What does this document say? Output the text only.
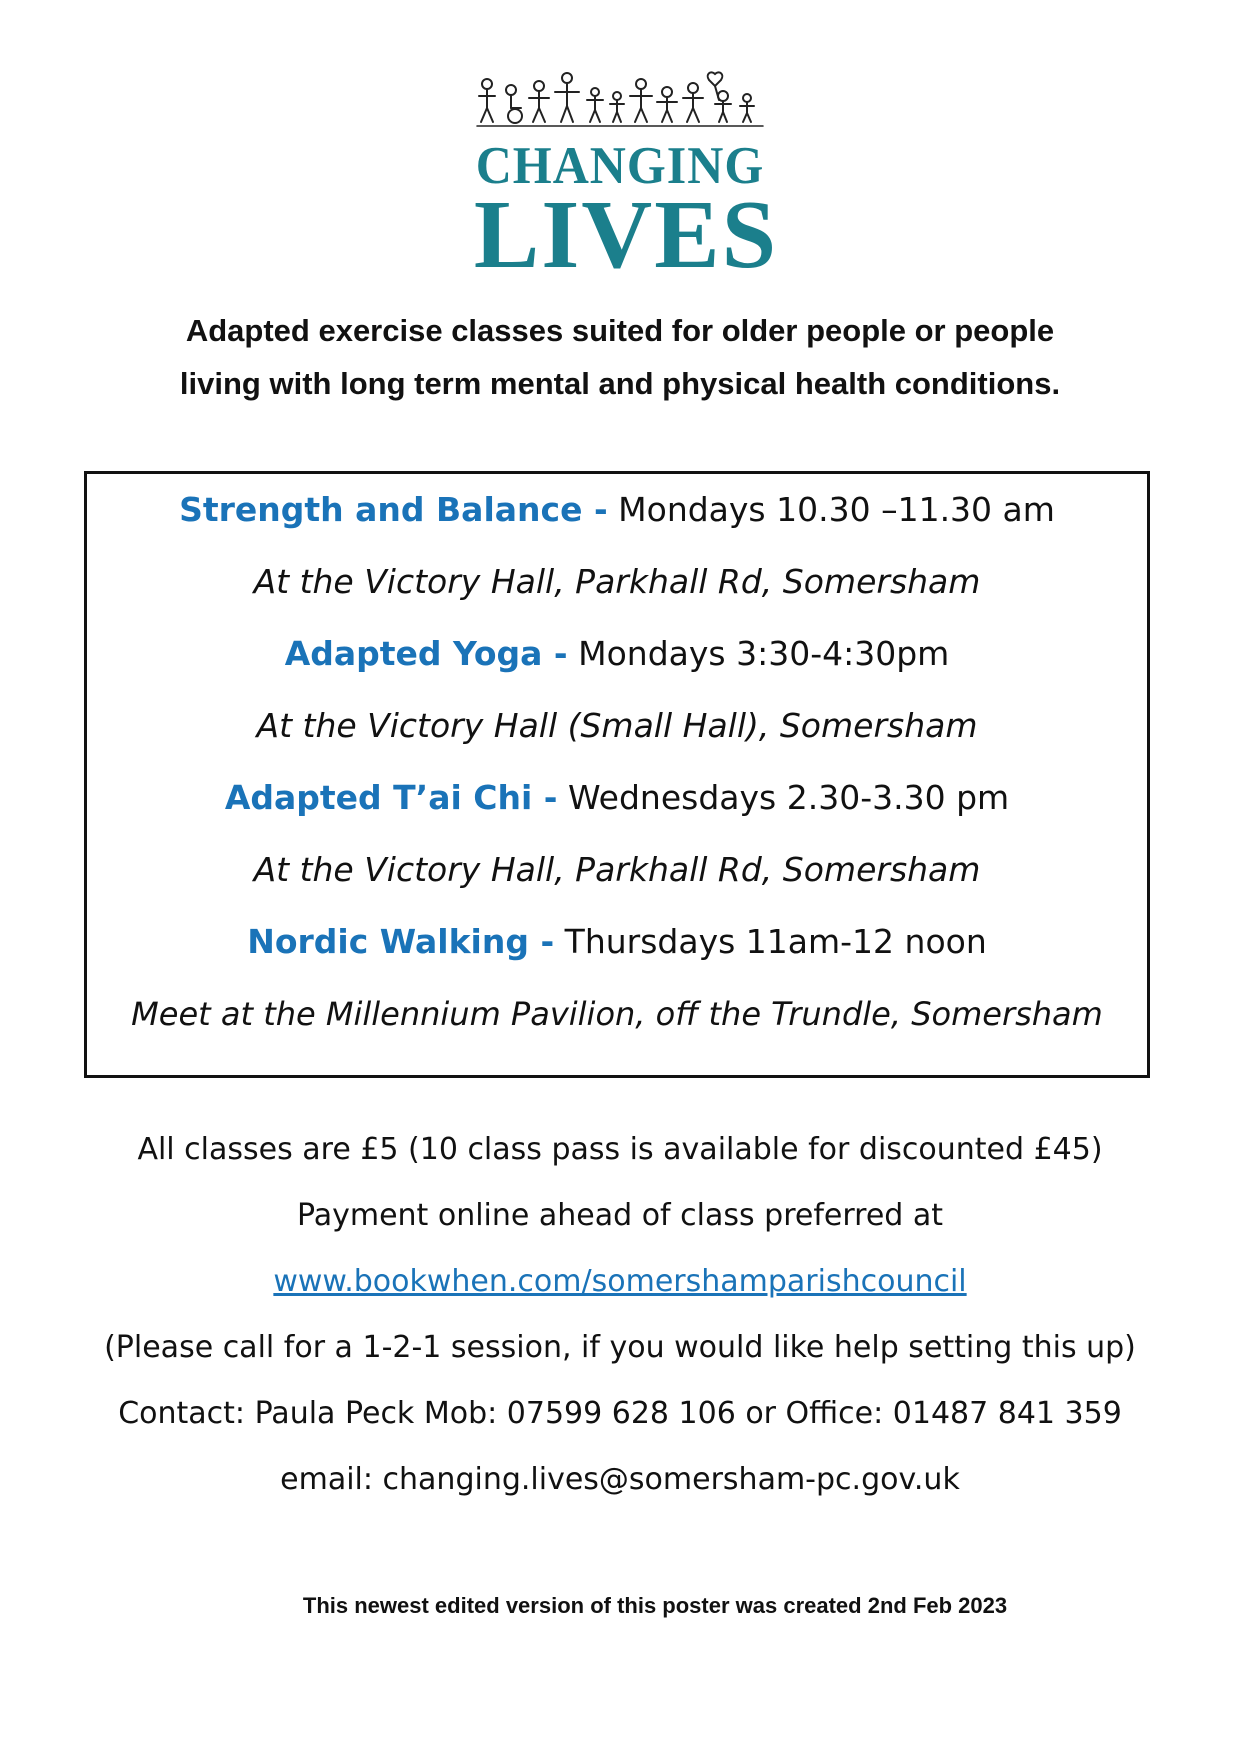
CHANGING
LIVES
Adapted exercise classes suited for older people or people
living with long term mental and physical health conditions.
Strength and Balance - Mondays 10.30 –11.30 am
At the Victory Hall, Parkhall Rd, Somersham
Adapted Yoga - Mondays 3:30-4:30pm
At the Victory Hall (Small Hall), Somersham
Adapted T’ai Chi - Wednesdays 2.30-3.30 pm
At the Victory Hall, Parkhall Rd, Somersham
Nordic Walking - Thursdays 11am-12 noon
Meet at the Millennium Pavilion, off the Trundle, Somersham
All classes are £5 (10 class pass is available for discounted £45)
Payment online ahead of class preferred at
www.bookwhen.com/somershamparishcouncil
(Please call for a 1-2-1 session, if you would like help setting this up)
Contact: Paula Peck Mob: 07599 628 106 or Office: 01487 841 359
email: changing.lives@somersham-pc.gov.uk
This newest edited version of this poster was created 2nd Feb 2023
